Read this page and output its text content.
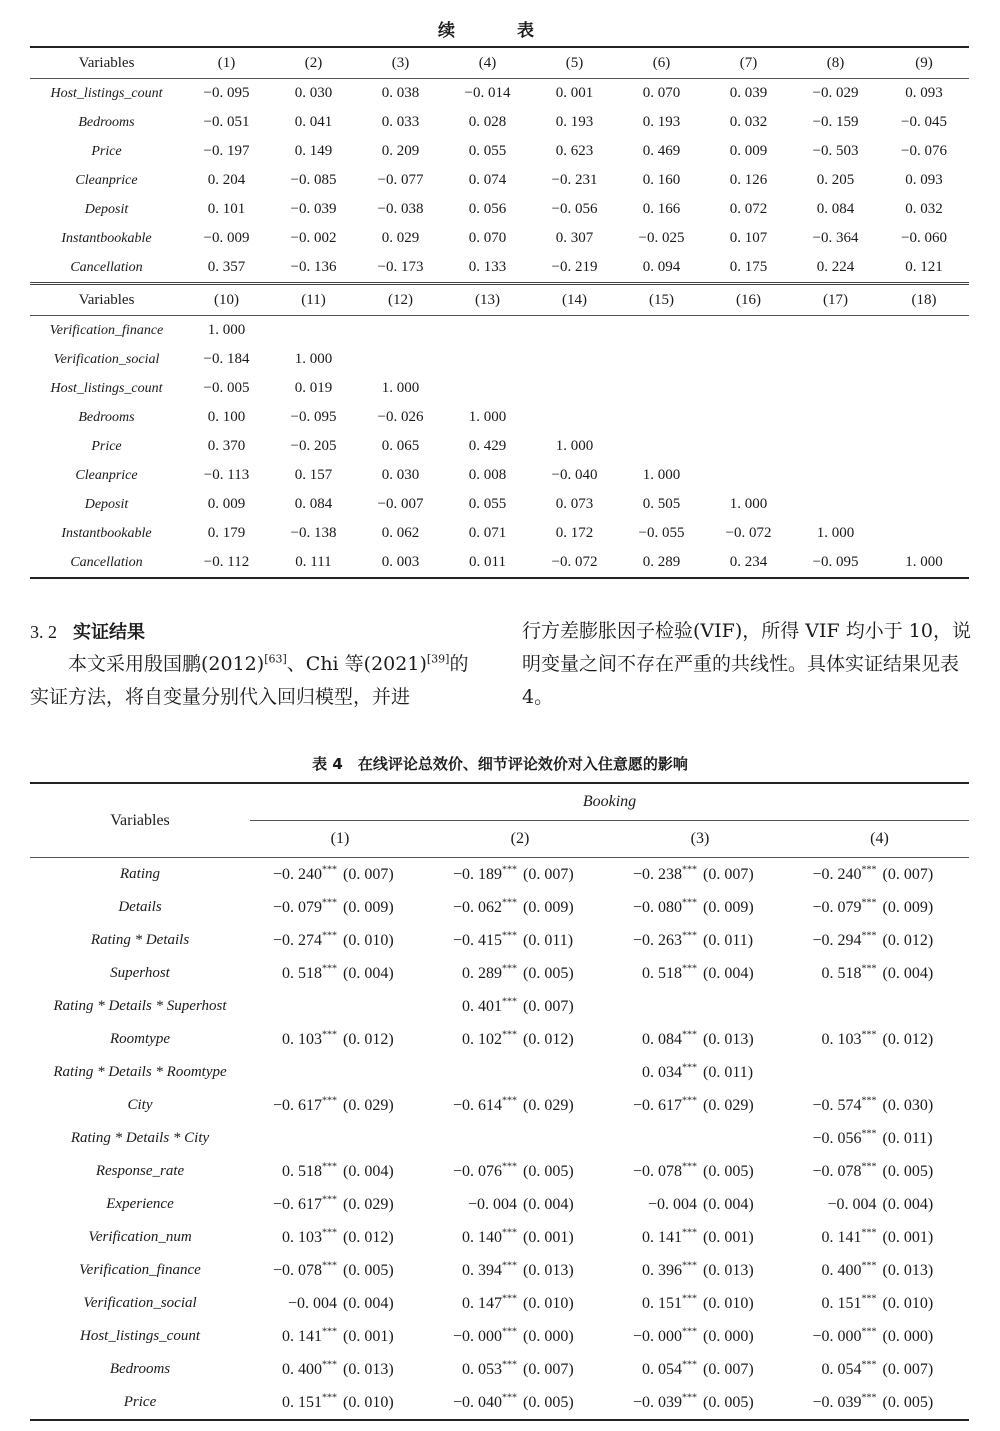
续 表
Variables	(1)	(2)	(3)	(4)	(5)	(6)	(7)	(8)	(9)
Host_listings_count	−0. 095	0. 030	0. 038	−0. 014	0. 001	0. 070	0. 039	−0. 029	0. 093
Bedrooms	−0. 051	0. 041	0. 033	0. 028	0. 193	0. 193	0. 032	−0. 159	−0. 045
Price	−0. 197	0. 149	0. 209	0. 055	0. 623	0. 469	0. 009	−0. 503	−0. 076
Cleanprice	0. 204	−0. 085	−0. 077	0. 074	−0. 231	0. 160	0. 126	0. 205	0. 093
Deposit	0. 101	−0. 039	−0. 038	0. 056	−0. 056	0. 166	0. 072	0. 084	0. 032
Instantbookable	−0. 009	−0. 002	0. 029	0. 070	0. 307	−0. 025	0. 107	−0. 364	−0. 060
Cancellation	0. 357	−0. 136	−0. 173	0. 133	−0. 219	0. 094	0. 175	0. 224	0. 121
Variables	(10)	(11)	(12)	(13)	(14)	(15)	(16)	(17)	(18)
Verification_finance	1. 000								
Verification_social	−0. 184	1. 000							
Host_listings_count	−0. 005	0. 019	1. 000						
Bedrooms	0. 100	−0. 095	−0. 026	1. 000					
Price	0. 370	−0. 205	0. 065	0. 429	1. 000				
Cleanprice	−0. 113	0. 157	0. 030	0. 008	−0. 040	1. 000			
Deposit	0. 009	0. 084	−0. 007	0. 055	0. 073	0. 505	1. 000		
Instantbookable	0. 179	−0. 138	0. 062	0. 071	0. 172	−0. 055	−0. 072	1. 000	
Cancellation	−0. 112	0. 111	0. 003	0. 011	−0. 072	0. 289	0. 234	−0. 095	1. 000
3. 2 实证结果
本文采用殷国鹏(2012)[63]、Chi 等(2021)[39]的实证方法，将自变量分别代入回归模型，并进
行方差膨胀因子检验(VIF)，所得 VIF 均小于 10，说明变量之间不存在严重的共线性。具体实证结果见表 4。
表 4　在线评论总效价、细节评论效价对入住意愿的影响
Variables	Booking			
	(1)	(2)	(3)	(4)
Rating	−0. 240*** (0. 007)	−0. 189*** (0. 007)	−0. 238*** (0. 007)	−0. 240*** (0. 007)
Details	−0. 079*** (0. 009)	−0. 062*** (0. 009)	−0. 080*** (0. 009)	−0. 079*** (0. 009)
Rating * Details	−0. 274*** (0. 010)	−0. 415*** (0. 011)	−0. 263*** (0. 011)	−0. 294*** (0. 012)
Superhost	0. 518*** (0. 004)	0. 289*** (0. 005)	0. 518*** (0. 004)	0. 518*** (0. 004)
Rating * Details * Superhost		0. 401*** (0. 007)		
Roomtype	0. 103*** (0. 012)	0. 102*** (0. 012)	0. 084*** (0. 013)	0. 103*** (0. 012)
Rating * Details * Roomtype			0. 034*** (0. 011)	
City	−0. 617*** (0. 029)	−0. 614*** (0. 029)	−0. 617*** (0. 029)	−0. 574*** (0. 030)
Rating * Details * City				−0. 056*** (0. 011)
Response_rate	0. 518*** (0. 004)	−0. 076*** (0. 005)	−0. 078*** (0. 005)	−0. 078*** (0. 005)
Experience	−0. 617*** (0. 029)	−0. 004 (0. 004)	−0. 004 (0. 004)	−0. 004 (0. 004)
Verification_num	0. 103*** (0. 012)	0. 140*** (0. 001)	0. 141*** (0. 001)	0. 141*** (0. 001)
Verification_finance	−0. 078*** (0. 005)	0. 394*** (0. 013)	0. 396*** (0. 013)	0. 400*** (0. 013)
Verification_social	−0. 004 (0. 004)	0. 147*** (0. 010)	0. 151*** (0. 010)	0. 151*** (0. 010)
Host_listings_count	0. 141*** (0. 001)	−0. 000*** (0. 000)	−0. 000*** (0. 000)	−0. 000*** (0. 000)
Bedrooms	0. 400*** (0. 013)	0. 053*** (0. 007)	0. 054*** (0. 007)	0. 054*** (0. 007)
Price	0. 151*** (0. 010)	−0. 040*** (0. 005)	−0. 039*** (0. 005)	−0. 039*** (0. 005)
